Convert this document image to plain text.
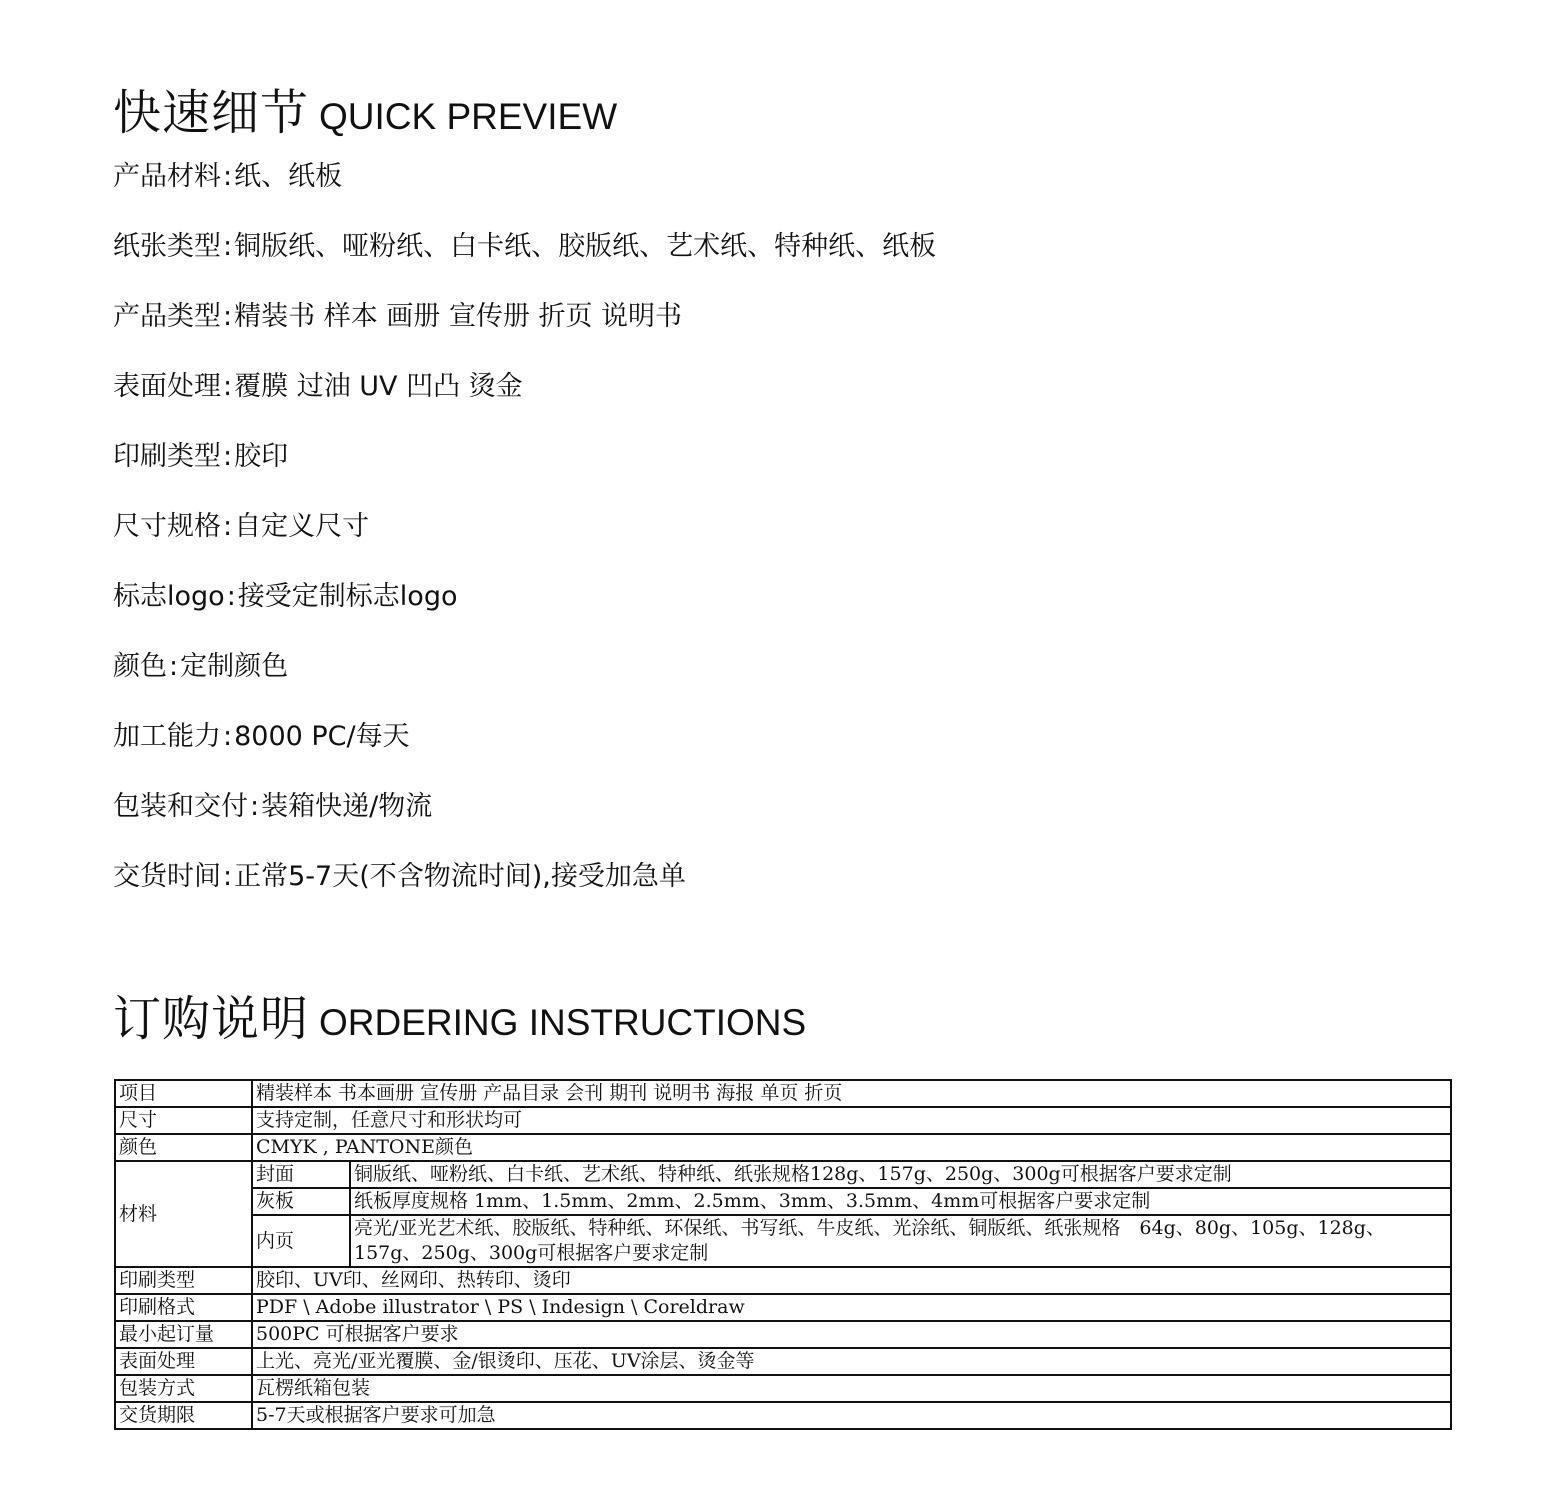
快速细节 QUICK PREVIEW
产品材料:纸、纸板
纸张类型:铜版纸、哑粉纸、白卡纸、胶版纸、艺术纸、特种纸、纸板
产品类型:精装书 样本 画册 宣传册 折页 说明书
表面处理:覆膜 过油 UV 凹凸 烫金
印刷类型:胶印
尺寸规格:自定义尺寸
标志logo:接受定制标志logo
颜色:定制颜色
加工能力:8000 PC/每天
包装和交付:装箱快递/物流
交货时间:正常5-7天(不含物流时间),接受加急单
订购说明 ORDERING INSTRUCTIONS
项目	精装样本 书本画册 宣传册 产品目录 会刊 期刊 说明书 海报 单页 折页	
尺寸	支持定制，任意尺寸和形状均可	
颜色	CMYK , PANTONE颜色	
材料	封面	铜版纸、哑粉纸、白卡纸、艺术纸、特种纸、纸张规格128g、157g、250g、300g可根据客户要求定制
	灰板	纸板厚度规格 1mm、1.5mm、2mm、2.5mm、3mm、3.5mm、4mm可根据客户要求定制
	内页	亮光/亚光艺术纸、胶版纸、特种纸、环保纸、书写纸、牛皮纸、光涂纸、铜版纸、纸张规格　64g、80g、105g、128g、157g、250g、300g可根据客户要求定制
印刷类型	胶印、UV印、丝网印、热转印、烫印	
印刷格式	PDF \ Adobe illustrator \ PS \ Indesign \ Coreldraw	
最小起订量	500PC 可根据客户要求	
表面处理	上光、亮光/亚光覆膜、金/银烫印、压花、UV涂层、烫金等	
包装方式	瓦楞纸箱包装	
交货期限	5-7天或根据客户要求可加急	
